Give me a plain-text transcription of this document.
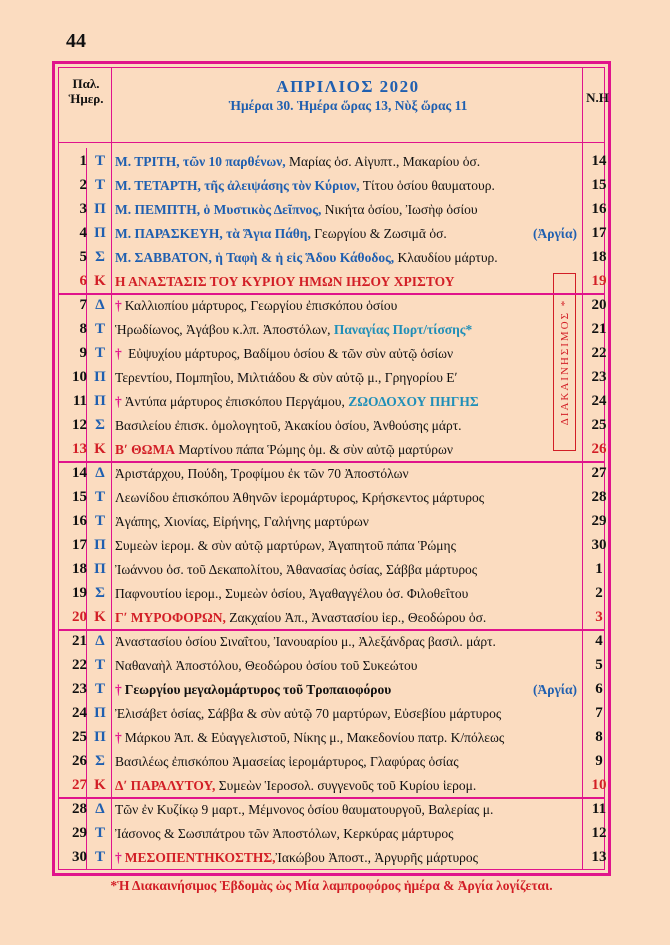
44
Παλ.
Ἡμερ.
ΑΠΡΙΛΙΟΣ 2020
Ἡμέραι 30. Ἡμέρα ὥρας 13, Νὺξ ὥρας 11
Ν.Η
1 Τ Μ. ΤΡΙΤΗ, τῶν 10 παρθένων, Μαρίας ὁσ. Αἰγυπτ., Μακαρίου ὁσ.	14
2 Τ Μ. ΤΕΤΑΡΤΗ, τῆς ἀλειψάσης τὸν Κύριον, Τίτου ὁσίου θαυματουρ.	15
3 Π Μ. ΠΕΜΠΤΗ, ὁ Μυστικὸς Δεῖπνος, Νικήτα ὁσίου, Ἰωσὴφ ὁσίου	16
4 Π Μ. ΠΑΡΑΣΚΕΥΗ, τὰ Ἅγια Πάθη, Γεωργίου & Ζωσιμᾶ ὁσ.	(Ἀργία) 17
5 Σ Μ. ΣΑΒΒΑΤΟΝ, ἡ Ταφὴ & ἡ εἰς Ἅδου Κάθοδος, Κλαυδίου μάρτυρ.	18
6 Κ Η ΑΝΑΣΤΑΣΙΣ ΤΟΥ ΚΥΡΙΟΥ ΗΜΩΝ ΙΗΣΟΥ ΧΡΙΣΤΟΥ	19
7 Δ † Καλλιοπίου μάρτυρος, Γεωργίου ἐπισκόπου ὁσίου	20
8 Τ Ἡρωδίωνος, Ἀγάβου κ.λπ. Ἀποστόλων, Παναγίας Πορτ/τίσσης*	21
9 Τ † Εὐψυχίου μάρτυρος, Βαδίμου ὁσίου & τῶν σὺν αὐτῷ ὁσίων	22
10 Π Τερεντίου, Πομπηΐου, Μιλτιάδου & σὺν αὐτῷ μ., Γρηγορίου Εʹ	23
11 Π † Ἀντύπα μάρτυρος ἐπισκόπου Περγάμου, ΖΩΟΔΟΧΟΥ ΠΗΓΗΣ	24
12 Σ Βασιλείου ἐπισκ. ὁμολογητοῦ, Ἀκακίου ὁσίου, Ἀνθούσης μάρτ.	25
13 Κ Βʹ ΘΩΜΑ Μαρτίνου πάπα Ῥώμης ὁμ. & σὺν αὐτῷ μαρτύρων	26
14 Δ Ἀριστάρχου, Πούδη, Τροφίμου ἐκ τῶν 70 Ἀποστόλων	27
15 Τ Λεωνίδου ἐπισκόπου Ἀθηνῶν ἱερομάρτυρος, Κρήσκεντος μάρτυρος	28
16 Τ Ἀγάπης, Χιονίας, Εἰρήνης, Γαλήνης μαρτύρων	29
17 Π Συμεὼν ἱερομ. & σὺν αὐτῷ μαρτύρων, Ἀγαπητοῦ πάπα Ῥώμης	30
18 Π Ἰωάννου ὁσ. τοῦ Δεκαπολίτου, Ἀθανασίας ὁσίας, Σάββα μάρτυρος	1
19 Σ Παφνουτίου ἱερομ., Συμεὼν ὁσίου, Ἀγαθαγγέλου ὁσ. Φιλοθεΐτου	2
20 Κ Γʹ ΜΥΡΟΦΟΡΩΝ, Ζακχαίου Ἀπ., Ἀναστασίου ἱερ., Θεοδώρου ὁσ.	3
21 Δ Ἀναστασίου ὁσίου Σιναΐτου, Ἰανουαρίου μ., Ἀλεξάνδρας βασιλ. μάρτ.	4
22 Τ Ναθαναὴλ Ἀποστόλου, Θεοδώρου ὁσίου τοῦ Συκεώτου	5
23 Τ † Γεωργίου μεγαλομάρτυρος τοῦ Τροπαιοφόρου	(Ἀργία)	6
24 Π Ἐλισάβετ ὁσίας, Σάββα & σὺν αὐτῷ 70 μαρτύρων, Εὐσεβίου μάρτυρος	7
25 Π † Μάρκου Ἀπ. & Εὐαγγελιστοῦ, Νίκης μ., Μακεδονίου πατρ. Κ/πόλεως	8
26 Σ Βασιλέως ἐπισκόπου Ἀμασείας ἱερομάρτυρος, Γλαφύρας ὁσίας	9
27 Κ Δʹ ΠΑΡΑΛΥΤΟΥ, Συμεὼν Ἱεροσολ. συγγενοῦς τοῦ Κυρίου ἱερομ.	10
28 Δ Τῶν ἐν Κυζίκῳ 9 μαρτ., Μέμνονος ὁσίου θαυματουργοῦ, Βαλερίας μ.	11
29 Τ Ἰάσονος & Σωσιπάτρου τῶν Ἀποστόλων, Κερκύρας μάρτυρος	12
30 Τ † ΜΕΣΟΠΕΝΤΗΚΟΣΤΗΣ,Ἰακώβου Ἀποστ., Ἀργυρῆς μάρτυρος	13
ΔΙΑΚΑΙΝΗΣΙΜΟΣ *
*Ἡ Διακαινήσιμος Ἑβδομὰς ὡς Μία λαμπροφόρος ἡμέρα & Ἀργία λογίζεται.
